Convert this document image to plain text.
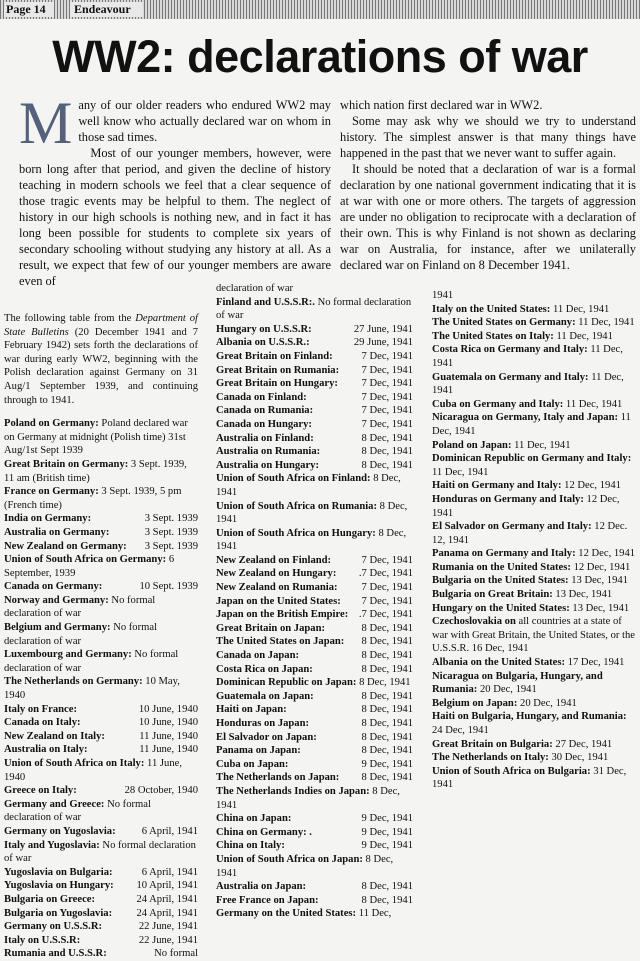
Page 14	Endeavour
WW2: declarations of war

Many of our older readers who endured WW2 may well know who actually declared war on whom in those sad times.

Most of our younger members, however, were born long after that period, and given the decline of history teaching in modern schools we feel that a clear sequence of those tragic events may be helpful to them. The neglect of history in our high schools is nothing new, and in fact it has long been possible for students to complete six years of secondary schooling without studying any history at all. As a result, we expect that few of our younger members are aware even of

which nation first declared war in WW2.

Some may ask why we should we try to understand history. The simplest answer is that many things have happened in the past that we never want to suffer again.

It should be noted that a declaration of war is a formal declaration by one national government indicating that it is at war with one or more others. The targets of aggression are under no obligation to reciprocate with a declaration of their own. This is why Finland is not shown as declaring war on Australia, for instance, after we unilaterally declared war on Finland on 8 December 1941.

The following table from the Department of State Bulletins (20 December 1941 and 7 February 1942) sets forth the declarations of war during early WW2, beginning with the Polish declaration against Germany on 31 Aug/1 September 1939, and continuing through to 1941.

Poland on Germany: Poland declared war on Germany at midnight (Polish time) 31st Aug/1st Sept 1939

Great Britain on Germany: 3 Sept. 1939, 11 am (British time)

France on Germany: 3 Sept. 1939, 5 pm (French time)

India on Germany:	3 Sept. 1939

Australia on Germany:	3 Sept. 1939

New Zealand on Germany: 3 Sept. 1939

Union of South Africa on Germany: 6 September, 1939

Canada on Germany:	10 Sept. 1939

Norway and Germany: No formal declaration of war

Belgium and Germany: No formal declaration of war

Luxembourg and Germany: No formal declaration of war

The Netherlands on Germany: 10 May, 1940

Italy on France:	10 June, 1940

Canada on Italy:	10 June, 1940

New Zealand on Italy:	11 June, 1940

Australia on Italy:	11 June, 1940

Union of South Africa on Italy: 11 June, 1940

Greece on Italy:	28 October, 1940

Germany and Greece: No formal declaration of war

Germany on Yugoslavia: 6 April, 1941

Italy and Yugoslavia: No formal declaration of war

Yugoslavia on Bulgaria:	6 April, 1941

Yugoslavia on Hungary: 10 April, 1941

Bulgaria on Greece:	24 April, 1941

Bulgaria on Yugoslavia: 24 April, 1941

Germany on U.S.S.R:	22 June, 1941

Italy on U.S.S.R:	22 June, 1941

Rumania and U.S.S.R:	No formal

declaration of war

Finland and U.S.S.R:. No formal declaration of war

Hungary on U.S.S.R:	27 June, 1941

Albania on U.S.S.R.:	29 June, 1941

Great Britain on Finland:	7 Dec, 1941

Great Britain on Rumania: 7 Dec, 1941

Great Britain on Hungary: 7 Dec, 1941

Canada on Finland:	7 Dec, 1941

Canada on Rumania:	7 Dec, 1941

Canada on Hungary:	7 Dec, 1941

Australia on Finland:	8 Dec, 1941

Australia on Rumania:	8 Dec, 1941

Australia on Hungary:	8 Dec, 1941

Union of South Africa on Finland: 8 Dec, 1941

Union of South Africa on Rumania: 8 Dec, 1941

Union of South Africa on Hungary: 8 Dec, 1941

New Zealand on Finland:	7 Dec, 1941

New Zealand on Hungary: .7 Dec, 1941

New Zealand on Rumania: 7 Dec, 1941

Japan on the United States: 7 Dec, 1941

Japan on the British Empire: .7 Dec, 1941

Great Britain on Japan:	8 Dec, 1941

The United States on Japan: 8 Dec, 1941

Canada on Japan:	8 Dec, 1941

Costa Rica on Japan:	8 Dec, 1941

Dominican Republic on Japan: 8 Dec, 1941

Guatemala on Japan:	8 Dec, 1941

Haiti on Japan:	8 Dec, 1941

Honduras on Japan:	8 Dec, 1941

El Salvador on Japan:	8 Dec, 1941

Panama on Japan:	8 Dec, 1941

Cuba on Japan:	9 Dec, 1941

The Netherlands on Japan: 8 Dec, 1941

The Netherlands Indies on Japan: 8 Dec, 1941

China on Japan:	9 Dec, 1941

China on Germany: .	9 Dec, 1941

China on Italy:	9 Dec, 1941

Union of South Africa on Japan: 8 Dec, 1941

Australia on Japan:	8 Dec, 1941

Free France on Japan:	8 Dec, 1941

Germany on the United States: 11 Dec,

1941

Italy on the United States: 11 Dec, 1941

The United States on Germany: 11 Dec, 1941

The United States on Italy: 11 Dec, 1941

Costa Rica on Germany and Italy: 11 Dec, 1941

Guatemala on Germany and Italy: 11 Dec, 1941

Cuba on Germany and Italy: 11 Dec, 1941

Nicaragua on Germany, Italy and Japan: 11 Dec, 1941

Poland on Japan: 11 Dec, 1941

Dominican Republic on Germany and Italy: 11 Dec, 1941

Haiti on Germany and Italy: 12 Dec, 1941

Honduras on Germany and Italy: 12 Dec, 1941

El Salvador on Germany and Italy: 12 Dec. 12, 1941

Panama on Germany and Italy: 12 Dec, 1941

Rumania on the United States: 12 Dec, 1941

Bulgaria on the United States: 13 Dec, 1941

Bulgaria on Great Britain: 13 Dec, 1941

Hungary on the United States: 13 Dec, 1941

Czechoslovakia on all countries at a state of war with Great Britain, the United States, or the U.S.S.R. 16 Dec, 1941

Albania on the United States: 17 Dec, 1941

Nicaragua on Bulgaria, Hungary, and Rumania: 20 Dec, 1941

Belgium on Japan: 20 Dec, 1941

Haiti on Bulgaria, Hungary, and Rumania: 24 Dec, 1941

Great Britain on Bulgaria: 27 Dec, 1941

The Netherlands on Italy: 30 Dec, 1941

Union of South Africa on Bulgaria: 31 Dec, 1941
